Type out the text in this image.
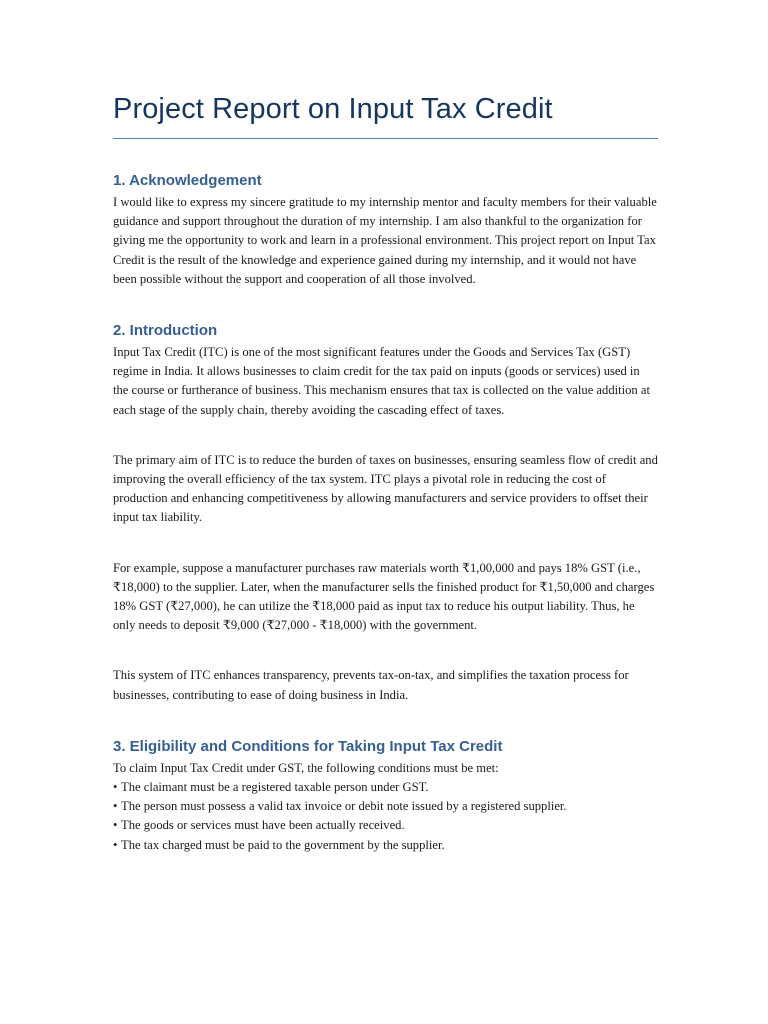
Project Report on Input Tax Credit
1. Acknowledgement

I would like to express my sincere gratitude to my internship mentor and faculty members for their valuable guidance and support throughout the duration of my internship. I am also thankful to the organization for giving me the opportunity to work and learn in a professional environment. This project report on Input Tax Credit is the result of the knowledge and experience gained during my internship, and it would not have been possible without the support and cooperation of all those involved.

2. Introduction

Input Tax Credit (ITC) is one of the most significant features under the Goods and Services Tax (GST) regime in India. It allows businesses to claim credit for the tax paid on inputs (goods or services) used in the course or furtherance of business. This mechanism ensures that tax is collected on the value addition at each stage of the supply chain, thereby avoiding the cascading effect of taxes.

The primary aim of ITC is to reduce the burden of taxes on businesses, ensuring seamless flow of credit and improving the overall efficiency of the tax system. ITC plays a pivotal role in reducing the cost of production and enhancing competitiveness by allowing manufacturers and service providers to offset their input tax liability.

For example, suppose a manufacturer purchases raw materials worth ₹1,00,000 and pays 18% GST (i.e., ₹18,000) to the supplier. Later, when the manufacturer sells the finished product for ₹1,50,000 and charges 18% GST (₹27,000), he can utilize the ₹18,000 paid as input tax to reduce his output liability. Thus, he only needs to deposit ₹9,000 (₹27,000 - ₹18,000) with the government.

This system of ITC enhances transparency, prevents tax-on-tax, and simplifies the taxation process for businesses, contributing to ease of doing business in India.

3. Eligibility and Conditions for Taking Input Tax Credit

To claim Input Tax Credit under GST, the following conditions must be met:

• The claimant must be a registered taxable person under GST.
• The person must possess a valid tax invoice or debit note issued by a registered supplier.
• The goods or services must have been actually received.
• The tax charged must be paid to the government by the supplier.
